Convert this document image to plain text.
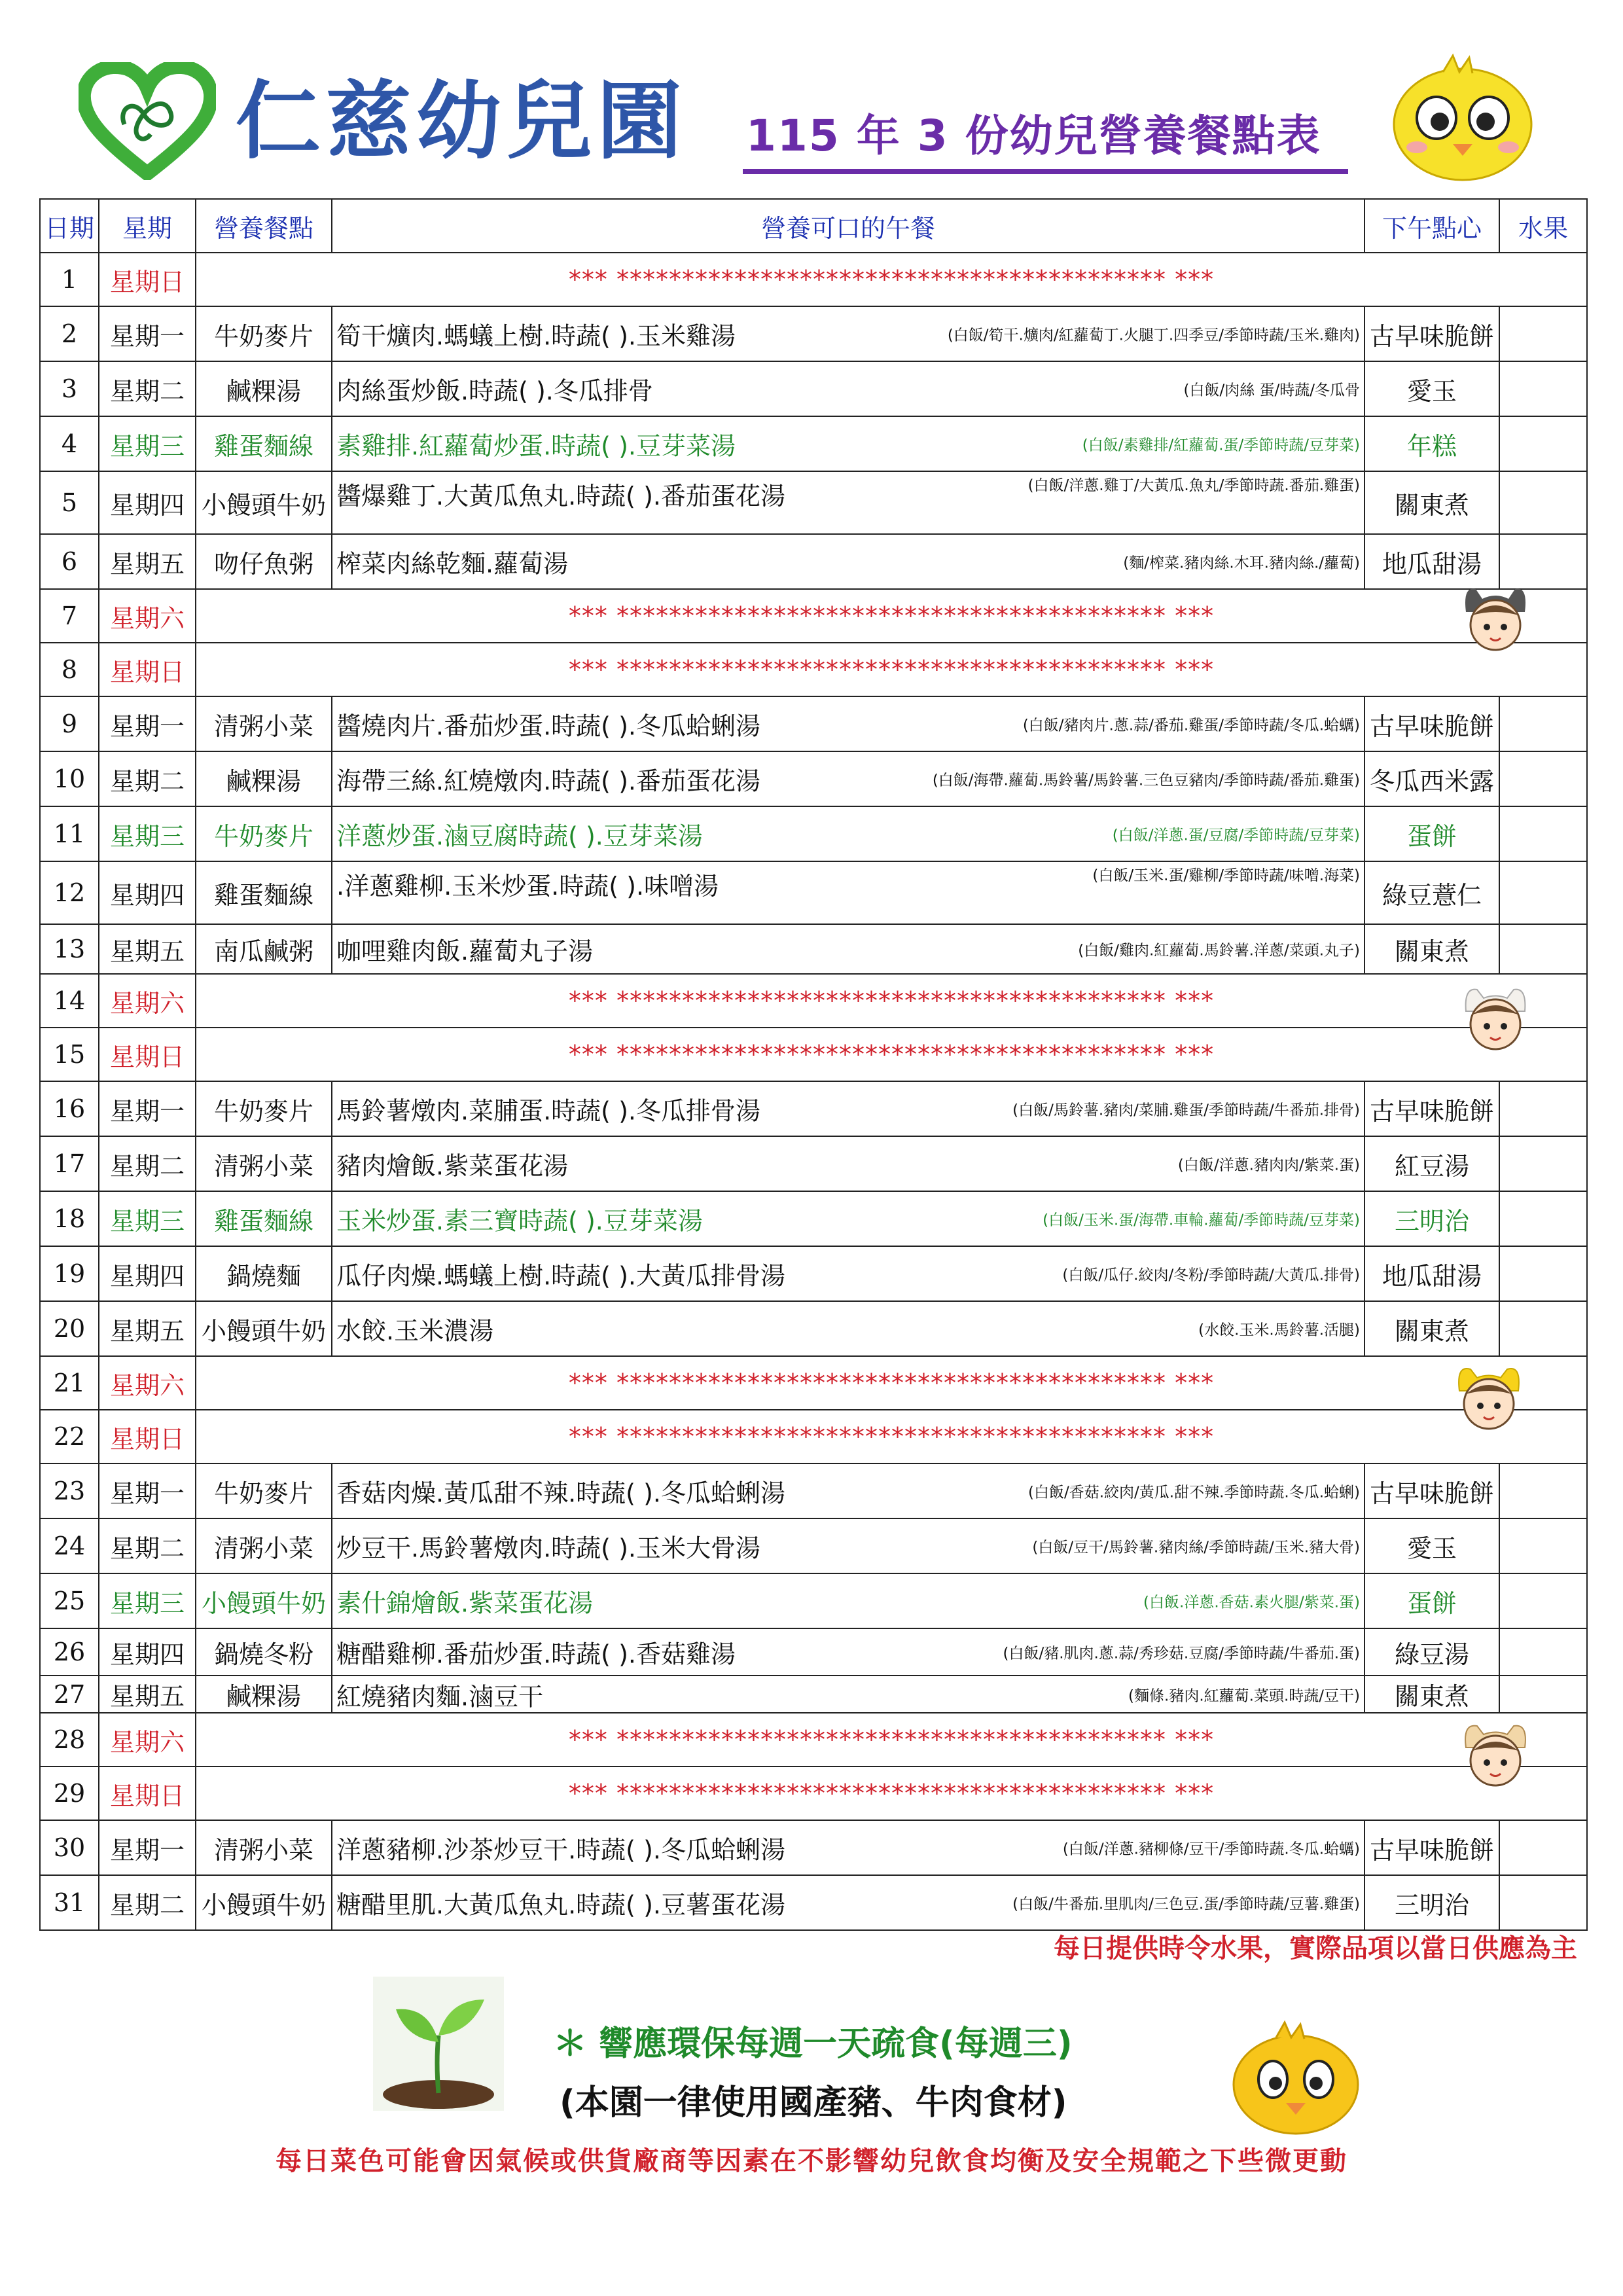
仁慈幼兒園 115 年 3 份幼兒營養餐點表
日期	星期	營養餐點	營養可口的午餐	下午點心	水果
1	星期日	*** ****************************************** ***			
2	星期一	牛奶麥片	筍干爌肉.螞蟻上樹.時蔬( ).玉米雞湯 (白飯/筍干.爌肉/紅蘿蔔丁.火腿丁.四季豆/季節時蔬/玉米.雞肉)	古早味脆餅	
3	星期二	鹹粿湯	肉絲蛋炒飯.時蔬( ).冬瓜排骨 (白飯/肉絲 蛋/時蔬/冬瓜骨	愛玉	
4	星期三	雞蛋麵線	素雞排.紅蘿蔔炒蛋.時蔬( ).豆芽菜湯 (白飯/素雞排/紅蘿蔔.蛋/季節時蔬/豆芽菜)	年糕	
5	星期四	小饅頭牛奶	醬爆雞丁.大黃瓜魚丸.時蔬( ).番茄蛋花湯 (白飯/洋蔥.雞丁/大黃瓜.魚丸/季節時蔬.番茄.雞蛋)	關東煮	
6	星期五	吻仔魚粥	榨菜肉絲乾麵.蘿蔔湯 (麵/榨菜.豬肉絲.木耳.豬肉絲./蘿蔔)	地瓜甜湯	
7	星期六	*** ****************************************** ***			
8	星期日	*** ****************************************** ***			
9	星期一	清粥小菜	醬燒肉片.番茄炒蛋.時蔬( ).冬瓜蛤蜊湯 (白飯/豬肉片.蔥.蒜/番茄.雞蛋/季節時蔬/冬瓜.蛤蠣)	古早味脆餅	
10	星期二	鹹粿湯	海帶三絲.紅燒燉肉.時蔬( ).番茄蛋花湯 (白飯/海帶.蘿蔔.馬鈴薯/馬鈴薯.三色豆豬肉/季節時蔬/番茄.雞蛋)	冬瓜西米露	
11	星期三	牛奶麥片	洋蔥炒蛋.滷豆腐時蔬( ).豆芽菜湯 (白飯/洋蔥.蛋/豆腐/季節時蔬/豆芽菜)	蛋餅	
12	星期四	雞蛋麵線	.洋蔥雞柳.玉米炒蛋.時蔬( ).味噌湯 (白飯/玉米.蛋/雞柳/季節時蔬/味噌.海菜)	綠豆薏仁	
13	星期五	南瓜鹹粥	咖哩雞肉飯.蘿蔔丸子湯 (白飯/雞肉.紅蘿蔔.馬鈴薯.洋蔥/菜頭.丸子)	關東煮	
14	星期六	*** ****************************************** ***			
15	星期日	*** ****************************************** ***			
16	星期一	牛奶麥片	馬鈴薯燉肉.菜脯蛋.時蔬( ).冬瓜排骨湯 (白飯/馬鈴薯.豬肉/菜脯.雞蛋/季節時蔬/牛番茄.排骨)	古早味脆餅	
17	星期二	清粥小菜	豬肉燴飯.紫菜蛋花湯 (白飯/洋蔥.豬肉肉/紫菜.蛋)	紅豆湯	
18	星期三	雞蛋麵線	玉米炒蛋.素三寶時蔬( ).豆芽菜湯 (白飯/玉米.蛋/海帶.車輪.蘿蔔/季節時蔬/豆芽菜)	三明治	
19	星期四	鍋燒麵	瓜仔肉燥.螞蟻上樹.時蔬( ).大黃瓜排骨湯 (白飯/瓜仔.絞肉/冬粉/季節時蔬/大黃瓜.排骨)	地瓜甜湯	
20	星期五	小饅頭牛奶	水餃.玉米濃湯 (水餃.玉米.馬鈴薯.活腿)	關東煮	
21	星期六	*** ****************************************** ***			
22	星期日	*** ****************************************** ***			
23	星期一	牛奶麥片	香菇肉燥.黃瓜甜不辣.時蔬( ).冬瓜蛤蜊湯 (白飯/香菇.絞肉/黃瓜.甜不辣.季節時蔬.冬瓜.蛤蜊)	古早味脆餅	
24	星期二	清粥小菜	炒豆干.馬鈴薯燉肉.時蔬( ).玉米大骨湯 (白飯/豆干/馬鈴薯.豬肉絲/季節時蔬/玉米.豬大骨)	愛玉	
25	星期三	小饅頭牛奶	素什錦燴飯.紫菜蛋花湯 (白飯.洋蔥.香菇.素火腿/紫菜.蛋)	蛋餅	
26	星期四	鍋燒冬粉	糖醋雞柳.番茄炒蛋.時蔬( ).香菇雞湯 (白飯/豬.肌肉.蔥.蒜/秀珍菇.豆腐/季節時蔬/牛番茄.蛋)	綠豆湯	
27	星期五	鹹粿湯	紅燒豬肉麵.滷豆干 (麵條.豬肉.紅蘿蔔.菜頭.時蔬/豆干)	關東煮	
28	星期六	*** ****************************************** ***			
29	星期日	*** ****************************************** ***			
30	星期一	清粥小菜	洋蔥豬柳.沙茶炒豆干.時蔬( ).冬瓜蛤蜊湯 (白飯/洋蔥.豬柳條/豆干/季節時蔬.冬瓜.蛤蠣)	古早味脆餅	
31	星期二	小饅頭牛奶	糖醋里肌.大黃瓜魚丸.時蔬( ).豆薯蛋花湯 (白飯/牛番茄.里肌肉/三色豆.蛋/季節時蔬/豆薯.雞蛋)	三明治	
每日提供時令水果，實際品項以當日供應為主
＊ 響應環保每週一天疏食(每週三)
(本園一律使用國產豬、牛肉食材)
每日菜色可能會因氣候或供貨廠商等因素在不影響幼兒飲食均衡及安全規範之下些微更動
